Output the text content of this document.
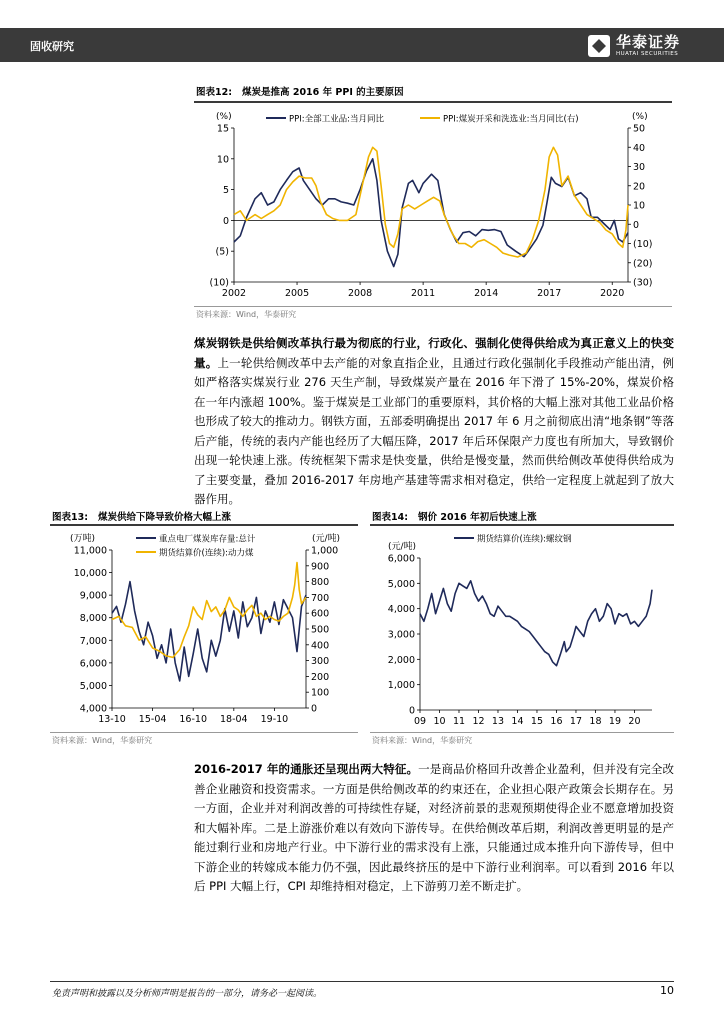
固收研究	华泰证券
HUATAI SECURITIES
图表12: 煤炭是推高 2016 年 PPI 的主要原因
15
10
5
0
(5)
(10)
50
40
30
20
10
0
(10)
(20)
(30)
(%)	(%)
2002	2005	2008	2011	2014	2017	2020
PPI:全部工业品:当月同比	PPI:煤炭开采和洗选业:当月同比(右)
资料来源：Wind，华泰研究
煤炭钢铁是供给侧改革执行最为彻底的行业，行政化、强制化使得供给成为真正意义上的快变量。上一轮供给侧改革中去产能的对象直指企业，且通过行政化强制化手段推动产能出清，例如严格落实煤炭行业 276 天生产制，导致煤炭产量在 2016 年下滑了 15%-20%，煤炭价格在一年内涨超 100%。鉴于煤炭是工业部门的重要原料，其价格的大幅上涨对其他工业品价格也形成了较大的推动力。钢铁方面，五部委明确提出 2017 年 6 月之前彻底出清“地条钢”等落后产能，传统的表内产能也经历了大幅压降，2017 年后环保限产力度也有所加大，导致钢价出现一轮快速上涨。传统框架下需求是快变量，供给是慢变量，然而供给侧改革使得供给成为了主要变量，叠加 2016-2017 年房地产基建等需求相对稳定，供给一定程度上就起到了放大器作用。
图表13: 煤炭供给下降导致价格大幅上涨
11,000
10,000
9,000
8,000
7,000
6,000
5,000
4,000
1,000
900
800
700
600
500
400
300
200
100
0
(万吨)	(元/吨)
13-10 15-04 16-10 18-04 19-10
重点电厂煤炭库存量:总计
期货结算价(连续):动力煤
资料来源：Wind，华泰研究
图表14: 钢价 2016 年初后快速上涨
6,000
5,000
4,000
3,000
2,000
1,000
0
(元/吨)
09 10 11 12 13 14 15 16 17 18 19 20
期货结算价(连续):螺纹钢
资料来源：Wind，华泰研究
2016-2017 年的通胀还呈现出两大特征。一是商品价格回升改善企业盈利，但并没有完全改善企业融资和投资需求。一方面是供给侧改革的约束还在，企业担心限产政策会长期存在。另一方面，企业并对利润改善的可持续性存疑，对经济前景的悲观预期使得企业不愿意增加投资和大幅补库。二是上游涨价难以有效向下游传导。在供给侧改革后期，利润改善更明显的是产能过剩行业和房地产行业。中下游行业的需求没有上涨，只能通过成本推升向下游传导，但中下游企业的转嫁成本能力仍不强，因此最终挤压的是中下游行业利润率。可以看到 2016 年以后 PPI 大幅上行，CPI 却维持相对稳定，上下游剪刀差不断走扩。
免责声明和披露以及分析师声明是报告的一部分，请务必一起阅读。	10
